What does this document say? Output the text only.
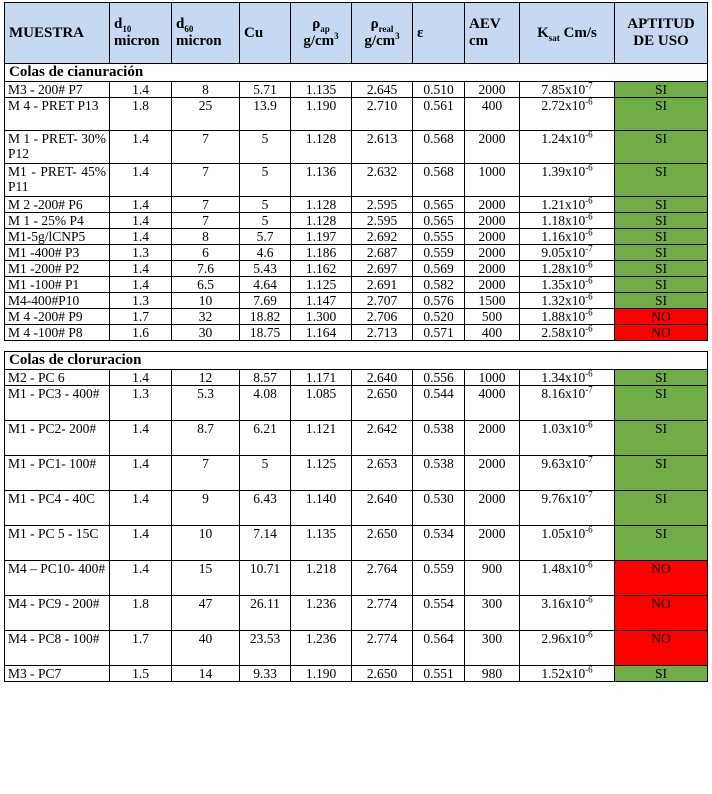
MUESTRA	$d_{10}$ micron	$d_{60}$ micron	Cu	$\rho_{ap}$ $g/cm^3$	$\rho_{real}$ $g/cm^3$	ε	AEV cm	$K_{sat}$ Cm/s	APTITUD DE USO
Colas de cianuración									
M3 - 200# P7	1.4	8	5.71	1.135	2.645	0.510	2000	$7.85x10^{-7}$	SI
M 4 - PRET P13	1.8	25	13.9	1.190	2.710	0.561	400	$2.72x10^{-6}$	SI
M 1 - PRET- 30% P12	1.4	7	5	1.128	2.613	0.568	2000	$1.24x10^{-6}$	SI
M1 - PRET- 45% P11	1.4	7	5	1.136	2.632	0.568	1000	$1.39x10^{-6}$	SI
M 2 -200# P6	1.4	7	5	1.128	2.595	0.565	2000	$1.21x10^{-6}$	SI
M 1 - 25% P4	1.4	7	5	1.128	2.595	0.565	2000	$1.18x10^{-6}$	SI
M1-5g/lCNP5	1.4	8	5.7	1.197	2.692	0.555	2000	$1.16x10^{-6}$	SI
M1 -400# P3	1.3	6	4.6	1.186	2.687	0.559	2000	$9.05x10^{-7}$	SI
M1 -200# P2	1.4	7.6	5.43	1.162	2.697	0.569	2000	$1.28x10^{-6}$	SI
M1 -100# P1	1.4	6.5	4.64	1.125	2.691	0.582	2000	$1.35x10^{-6}$	SI
M4-400#P10	1.3	10	7.69	1.147	2.707	0.576	1500	$1.32x10^{-6}$	SI
M 4 -200# P9	1.7	32	18.82	1.300	2.706	0.520	500	$1.88x10^{-6}$	NO
M 4 -100# P8	1.6	30	18.75	1.164	2.713	0.571	400	$2.58x10^{-6}$	NO

Colas de cloruracion									
M2 - PC 6	1.4	12	8.57	1.171	2.640	0.556	1000	$1.34x10^{-6}$	SI
M1 - PC3 - 400#	1.3	5.3	4.08	1.085	2.650	0.544	4000	$8.16x10^{-7}$	SI
M1 - PC2- 200#	1.4	8.7	6.21	1.121	2.642	0.538	2000	$1.03x10^{-6}$	SI
M1 - PC1- 100#	1.4	7	5	1.125	2.653	0.538	2000	$9.63x10^{-7}$	SI
M1 - PC4 - 40C	1.4	9	6.43	1.140	2.640	0.530	2000	$9.76x10^{-7}$	SI
M1 - PC 5 - 15C	1.4	10	7.14	1.135	2.650	0.534	2000	$1.05x10^{-6}$	SI
M4 – PC10- 400#	1.4	15	10.71	1.218	2.764	0.559	900	$1.48x10^{-6}$	NO
M4 - PC9 - 200#	1.8	47	26.11	1.236	2.774	0.554	300	$3.16x10^{-6}$	NO
M4 - PC8 - 100#	1.7	40	23.53	1.236	2.774	0.564	300	$2.96x10^{-6}$	NO
M3 - PC7	1.5	14	9.33	1.190	2.650	0.551	980	$1.52x10^{-6}$	SI
